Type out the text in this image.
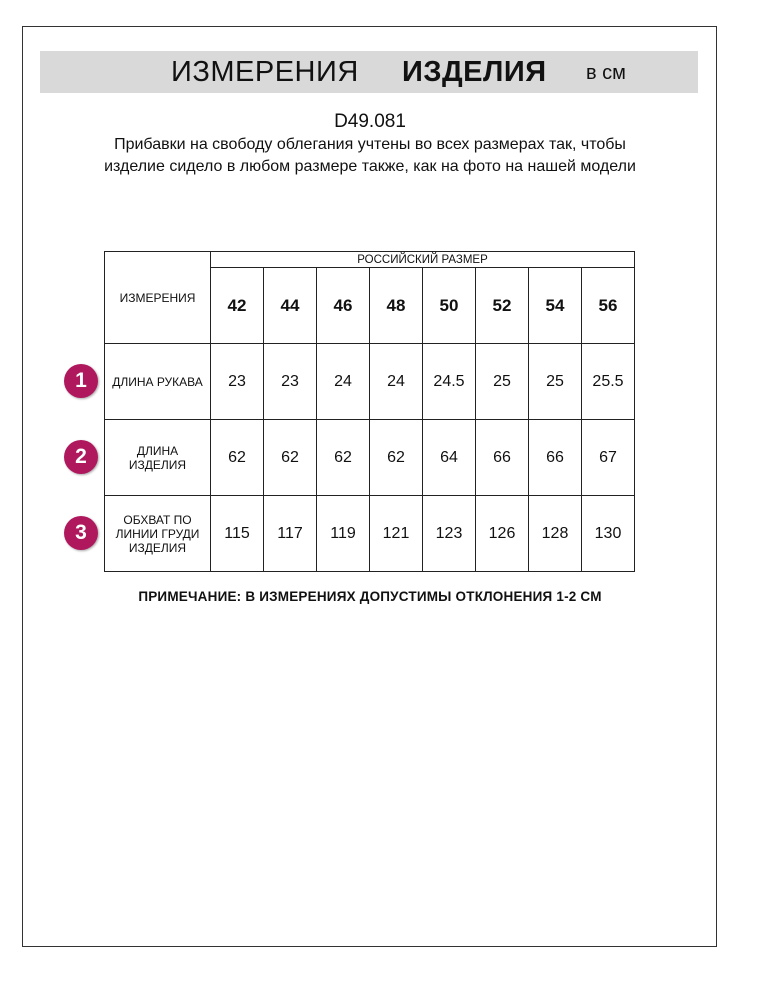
ИЗМЕРЕНИЯ ИЗДЕЛИЯ в см
D49.081
Прибавки на свободу облегания учтены во всех размерах так, чтобы изделие сидело в любом размере также, как на фото на нашей модели
ИЗМЕРЕНИЯ	РОССИЙСКИЙ РАЗМЕР							
	42	44	46	48	50	52	54	56
ДЛИНА РУКАВА	23	23	24	24	24.5	25	25	25.5
ДЛИНА ИЗДЕЛИЯ	62	62	62	62	64	66	66	67
ОБХВАТ ПО ЛИНИИ ГРУДИ ИЗДЕЛИЯ	115	117	119	121	123	126	128	130
1
2
3
ПРИМЕЧАНИЕ: В ИЗМЕРЕНИЯХ ДОПУСТИМЫ ОТКЛОНЕНИЯ 1-2 СМ
